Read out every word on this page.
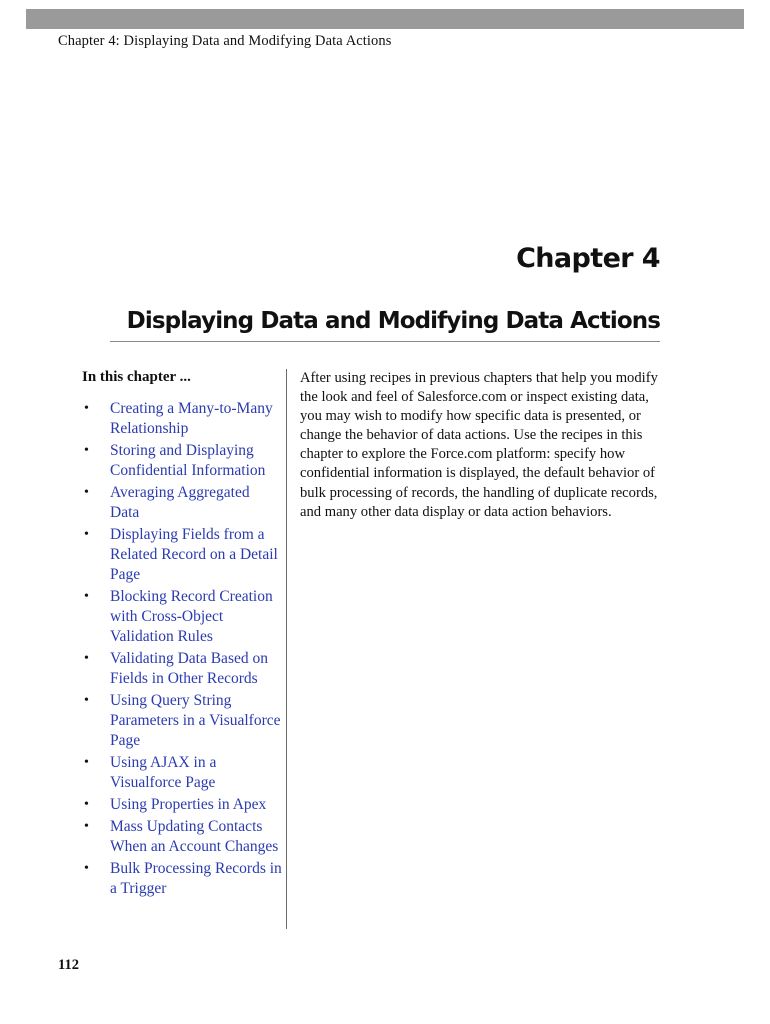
Chapter 4: Displaying Data and Modifying Data Actions
Chapter 4
Displaying Data and Modifying Data Actions
In this chapter ...
• Creating a Many-to-Many Relationship
• Storing and Displaying Confidential Information
• Averaging Aggregated Data
• Displaying Fields from a Related Record on a Detail Page
• Blocking Record Creation with Cross-Object Validation Rules
• Validating Data Based on Fields in Other Records
• Using Query String Parameters in a Visualforce Page
• Using AJAX in a Visualforce Page
• Using Properties in Apex
• Mass Updating Contacts When an Account Changes
• Bulk Processing Records in a Trigger

After using recipes in previous chapters that help you modify the look and feel of Salesforce.com or inspect existing data, you may wish to modify how specific data is presented, or change the behavior of data actions. Use the recipes in this chapter to explore the Force.com platform: specify how confidential information is displayed, the default behavior of bulk processing of records, the handling of duplicate records, and many other data display or data action behaviors.

112
